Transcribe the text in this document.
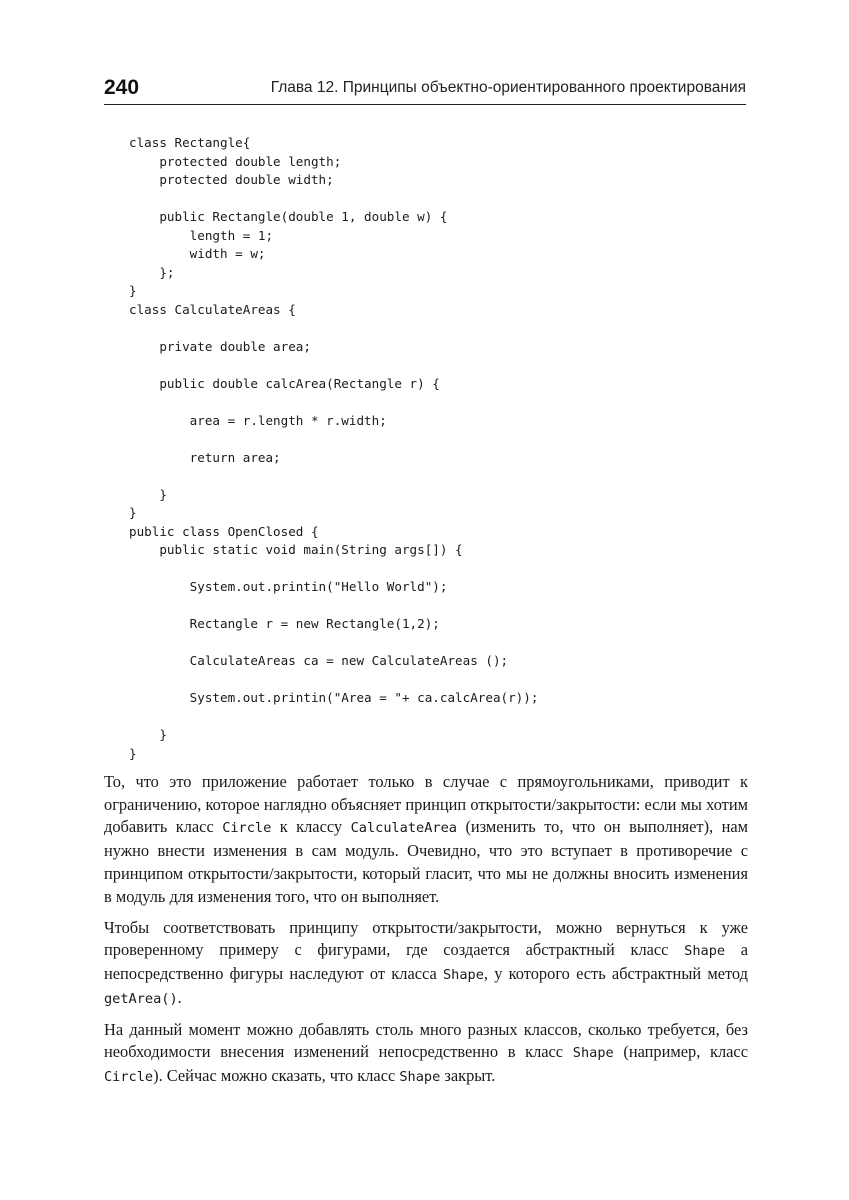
240	Глава 12. Принципы объектно-ориентированного проектирования
class Rectangle{
protected double length;
protected double width;
public Rectangle(double 1, double w) {
length = 1;
width = w;
};
}
class CalculateAreas {
private double area;
public double calcArea(Rectangle r) {
area = r.length * r.width;
return area;
}
}
public class OpenClosed {
public static void main(String args[]) {
System.out.printin("Hello World");
Rectangle r = new Rectangle(1,2);
CalculateAreas ca = new CalculateAreas ();
System.out.printin("Area = "+ ca.calcArea(r));
}
}

То, что это приложение работает только в случае с прямоугольниками, приводит к ограничению, которое наглядно объясняет принцип открытости/закрытости: если мы хотим добавить класс Circle к классу CalculateArea (изменить то, что он выполняет), нам нужно внести изменения в сам модуль. Очевидно, что это вступает в противоречие с принципом открытости/закрытости, который гласит, что мы не должны вносить изменения в модуль для изменения того, что он выполняет.

Чтобы соответствовать принципу открытости/закрытости, можно вернуться к уже проверенному примеру с фигурами, где создается абстрактный класс Shape а непосредственно фигуры наследуют от класса Shape, у которого есть абстрактный метод getArea().

На данный момент можно добавлять столь много разных классов, сколько требуется, без необходимости внесения изменений непосредственно в класс Shape (например, класс Circle). Сейчас можно сказать, что класс Shape закрыт.
